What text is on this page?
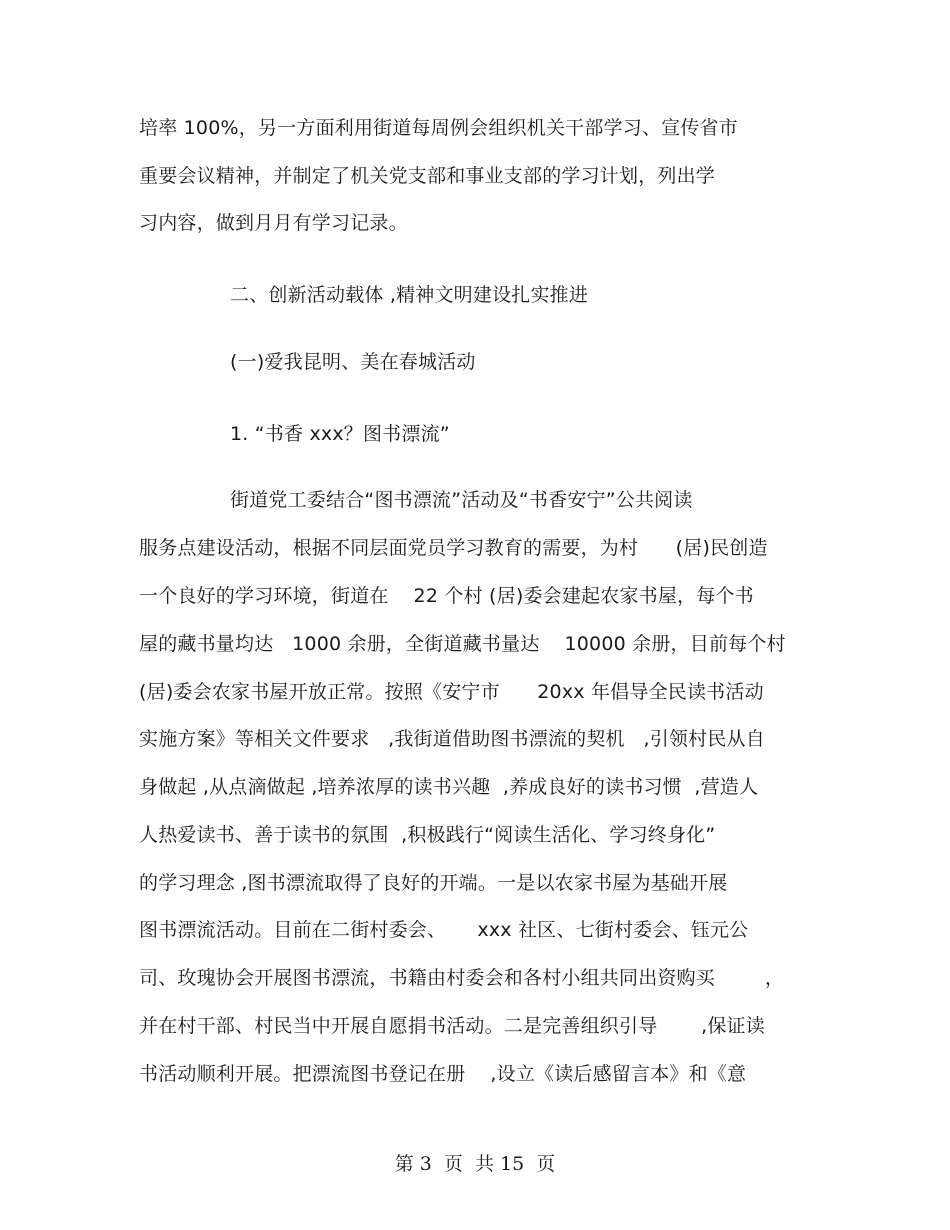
培率 100%，另一方面利用街道每周例会组织机关干部学习、宣传省市
重要会议精神，并制定了机关党支部和事业支部的学习计划，列出学
习内容，做到月月有学习记录。
二、创新活动载体 ,精神文明建设扎实推进
(一)爱我昆明、美在春城活动
1. “书香 xxx？图书漂流”
街道党工委结合“图书漂流”活动及“书香安宁”公共阅读
服务点建设活动，根据不同层面党员学习教育的需要，为村      (居)民创造
一个良好的学习环境，街道在    22 个村 (居)委会建起农家书屋，每个书
屋的藏书量均达   1000 余册，全街道藏书量达    10000 余册，目前每个村
(居)委会农家书屋开放正常。按照《安宁市      20xx 年倡导全民读书活动
实施方案》等相关文件要求   ,我街道借助图书漂流的契机   ,引领村民从自
身做起 ,从点滴做起 ,培养浓厚的读书兴趣  ,养成良好的读书习惯  ,营造人
人热爱读书、善于读书的氛围  ,积极践行“阅读生活化、学习终身化”
的学习理念 ,图书漂流取得了良好的开端。一是以农家书屋为基础开展
图书漂流活动。目前在二街村委会、     xxx 社区、七街村委会、钰元公
司、玫瑰协会开展图书漂流，书籍由村委会和各村小组共同出资购买        ，
并在村干部、村民当中开展自愿捐书活动。二是完善组织引导       ,保证读
书活动顺利开展。把漂流图书登记在册    ,设立《读后感留言本》和《意
第 3  页  共 15  页
